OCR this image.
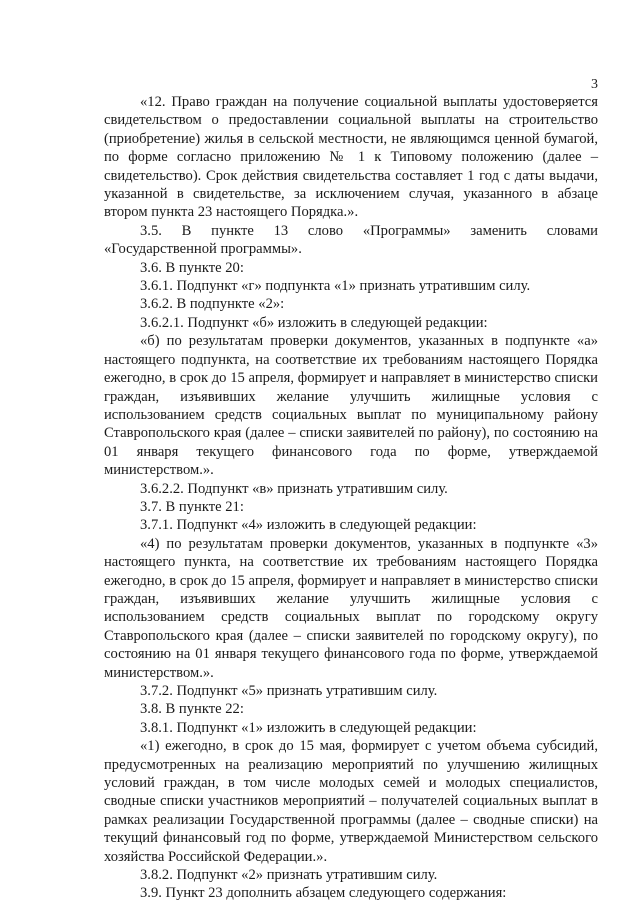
3

«12. Право граждан на получение социальной выплаты удостоверяется свидетельством о предоставлении социальной выплаты на строительство (приобретение) жилья в сельской местности, не являющимся ценной бумагой, по форме согласно приложению № 1 к Типовому положению (далее – свидетельство). Срок действия свидетельства составляет 1 год с даты выдачи, указанной в свидетельстве, за исключением случая, указанного в абзаце втором пункта 23 настоящего Порядка.».

3.5. В пункте 13 слово «Программы» заменить словами «Государственной программы».

3.6. В пункте 20:

3.6.1. Подпункт «г» подпункта «1» признать утратившим силу.

3.6.2. В подпункте «2»:

3.6.2.1. Подпункт «б» изложить в следующей редакции:

«б) по результатам проверки документов, указанных в подпункте «а» настоящего подпункта, на соответствие их требованиям настоящего Порядка ежегодно, в срок до 15 апреля, формирует и направляет в министерство списки граждан, изъявивших желание улучшить жилищные условия с использованием средств социальных выплат по муниципальному району Ставропольского края (далее – списки заявителей по району), по состоянию на 01 января текущего финансового года по форме, утверждаемой министерством.».

3.6.2.2. Подпункт «в» признать утратившим силу.

3.7. В пункте 21:

3.7.1. Подпункт «4» изложить в следующей редакции:

«4) по результатам проверки документов, указанных в подпункте «3» настоящего пункта, на соответствие их требованиям настоящего Порядка ежегодно, в срок до 15 апреля, формирует и направляет в министерство списки граждан, изъявивших желание улучшить жилищные условия с использованием средств социальных выплат по городскому округу Ставропольского края (далее – списки заявителей по городскому округу), по состоянию на 01 января текущего финансового года по форме, утверждаемой министерством.».

3.7.2. Подпункт «5» признать утратившим силу.

3.8. В пункте 22:

3.8.1. Подпункт «1» изложить в следующей редакции:

«1) ежегодно, в срок до 15 мая, формирует с учетом объема субсидий, предусмотренных на реализацию мероприятий по улучшению жилищных условий граждан, в том числе молодых семей и молодых специалистов, сводные списки участников мероприятий – получателей социальных выплат в рамках реализации Государственной программы (далее – сводные списки) на текущий финансовый год по форме, утверждаемой Министерством сельского хозяйства Российской Федерации.».

3.8.2. Подпункт «2» признать утратившим силу.

3.9. Пункт 23 дополнить абзацем следующего содержания:
